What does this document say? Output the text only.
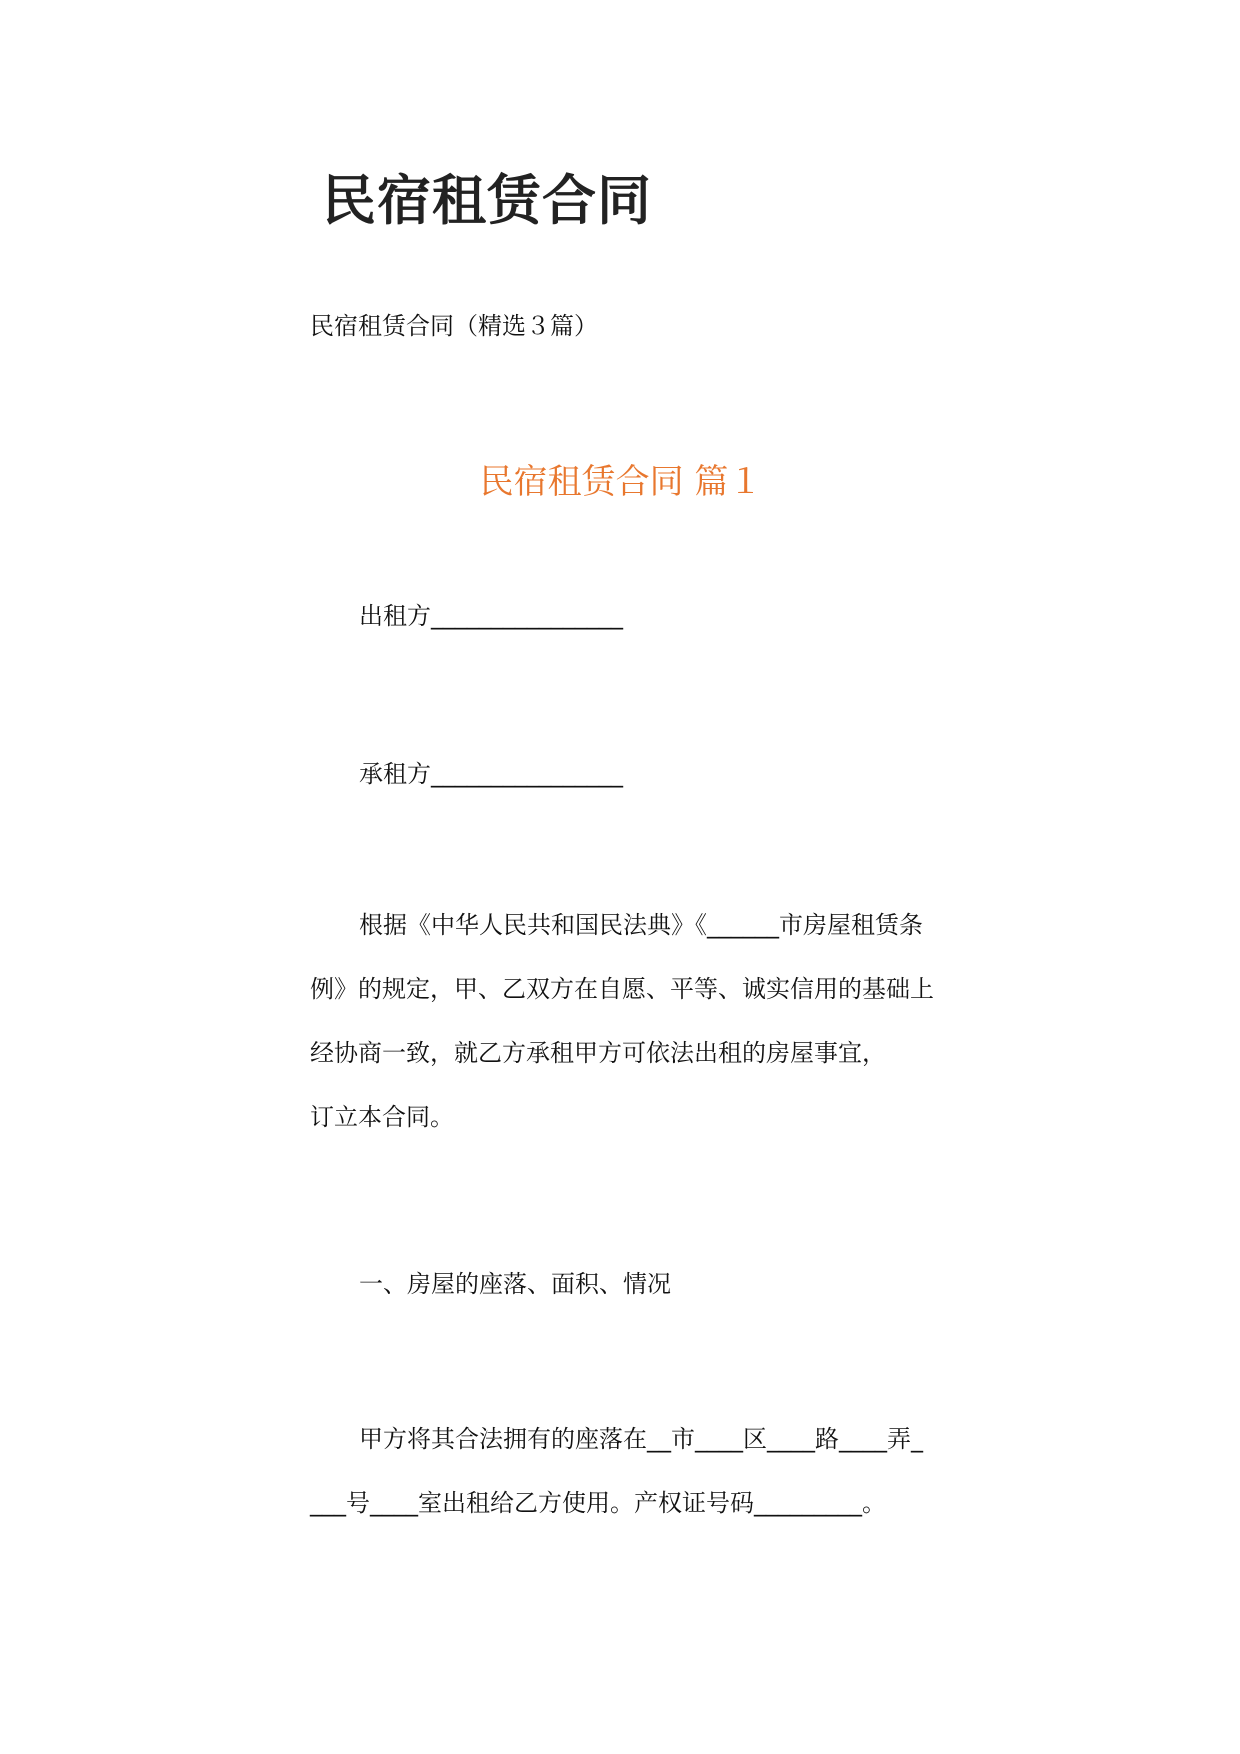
民宿租赁合同

民宿租赁合同（精选３篇）

民宿租赁合同 篇１

出租方________________

承租方________________

根据《中华人民共和国民法典》《______市房屋租赁条
例》的规定，甲、乙双方在自愿、平等、诚实信用的基础上
经协商一致，就乙方承租甲方可依法出租的房屋事宜，
订立本合同。

一、房屋的座落、面积、情况

甲方将其合法拥有的座落在__市____区____路____弄_
___号____室出租给乙方使用。产权证号码_________。
